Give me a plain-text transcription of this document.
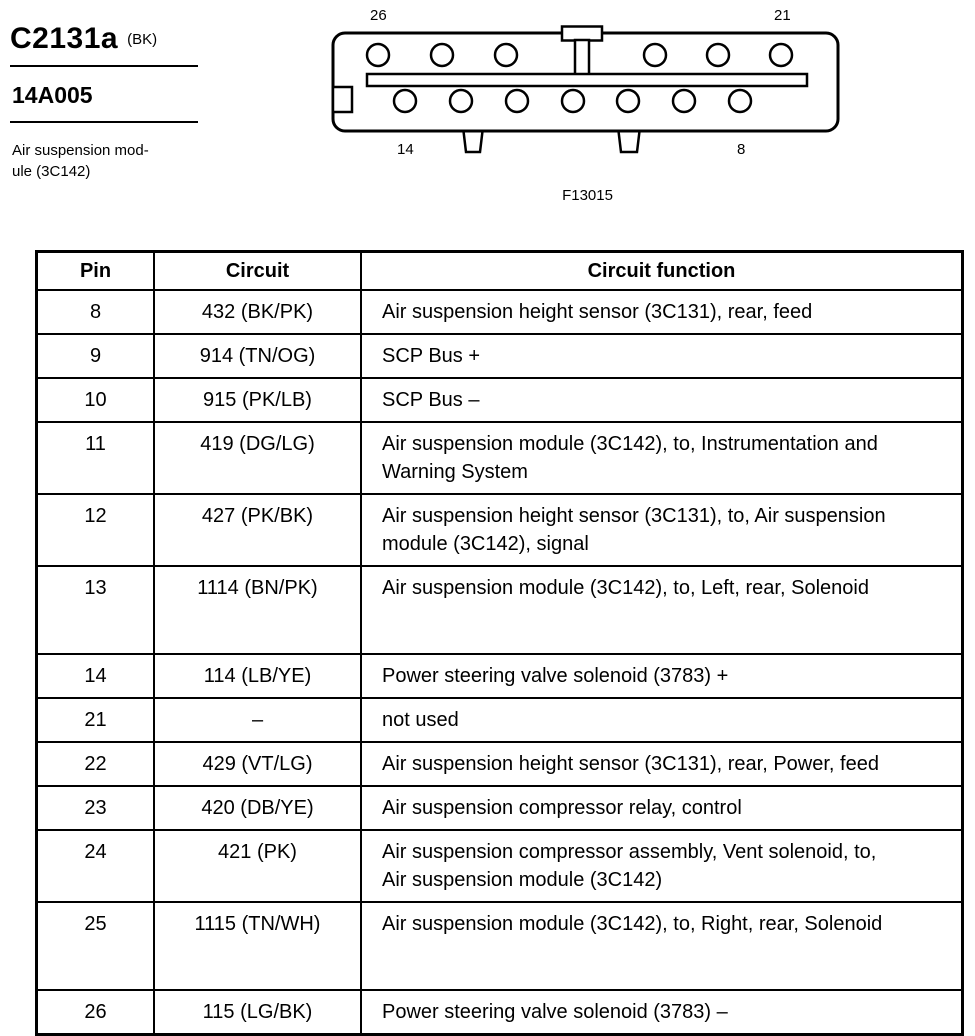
C2131a (BK)
14A005
Air suspension mod-
ule (3C142)
26	21
14	8
F13015
Pin	Circuit	Circuit function
8	432 (BK/PK)	Air suspension height sensor (3C131), rear, feed
9	914 (TN/OG)	SCP Bus +
10	915 (PK/LB)	SCP Bus –
11	419 (DG/LG)	Air suspension module (3C142), to, Instrumentation and
Warning System
12	427 (PK/BK)	Air suspension height sensor (3C131), to, Air suspension
module (3C142), signal
13	1114 (BN/PK)	Air suspension module (3C142), to, Left, rear, Solenoid
14	114 (LB/YE)	Power steering valve solenoid (3783) +
21	–	not used
22	429 (VT/LG)	Air suspension height sensor (3C131), rear, Power, feed
23	420 (DB/YE)	Air suspension compressor relay, control
24	421 (PK)	Air suspension compressor assembly, Vent solenoid, to,
Air suspension module (3C142)
25	1115 (TN/WH)	Air suspension module (3C142), to, Right, rear, Solenoid
26	115 (LG/BK)	Power steering valve solenoid (3783) –
